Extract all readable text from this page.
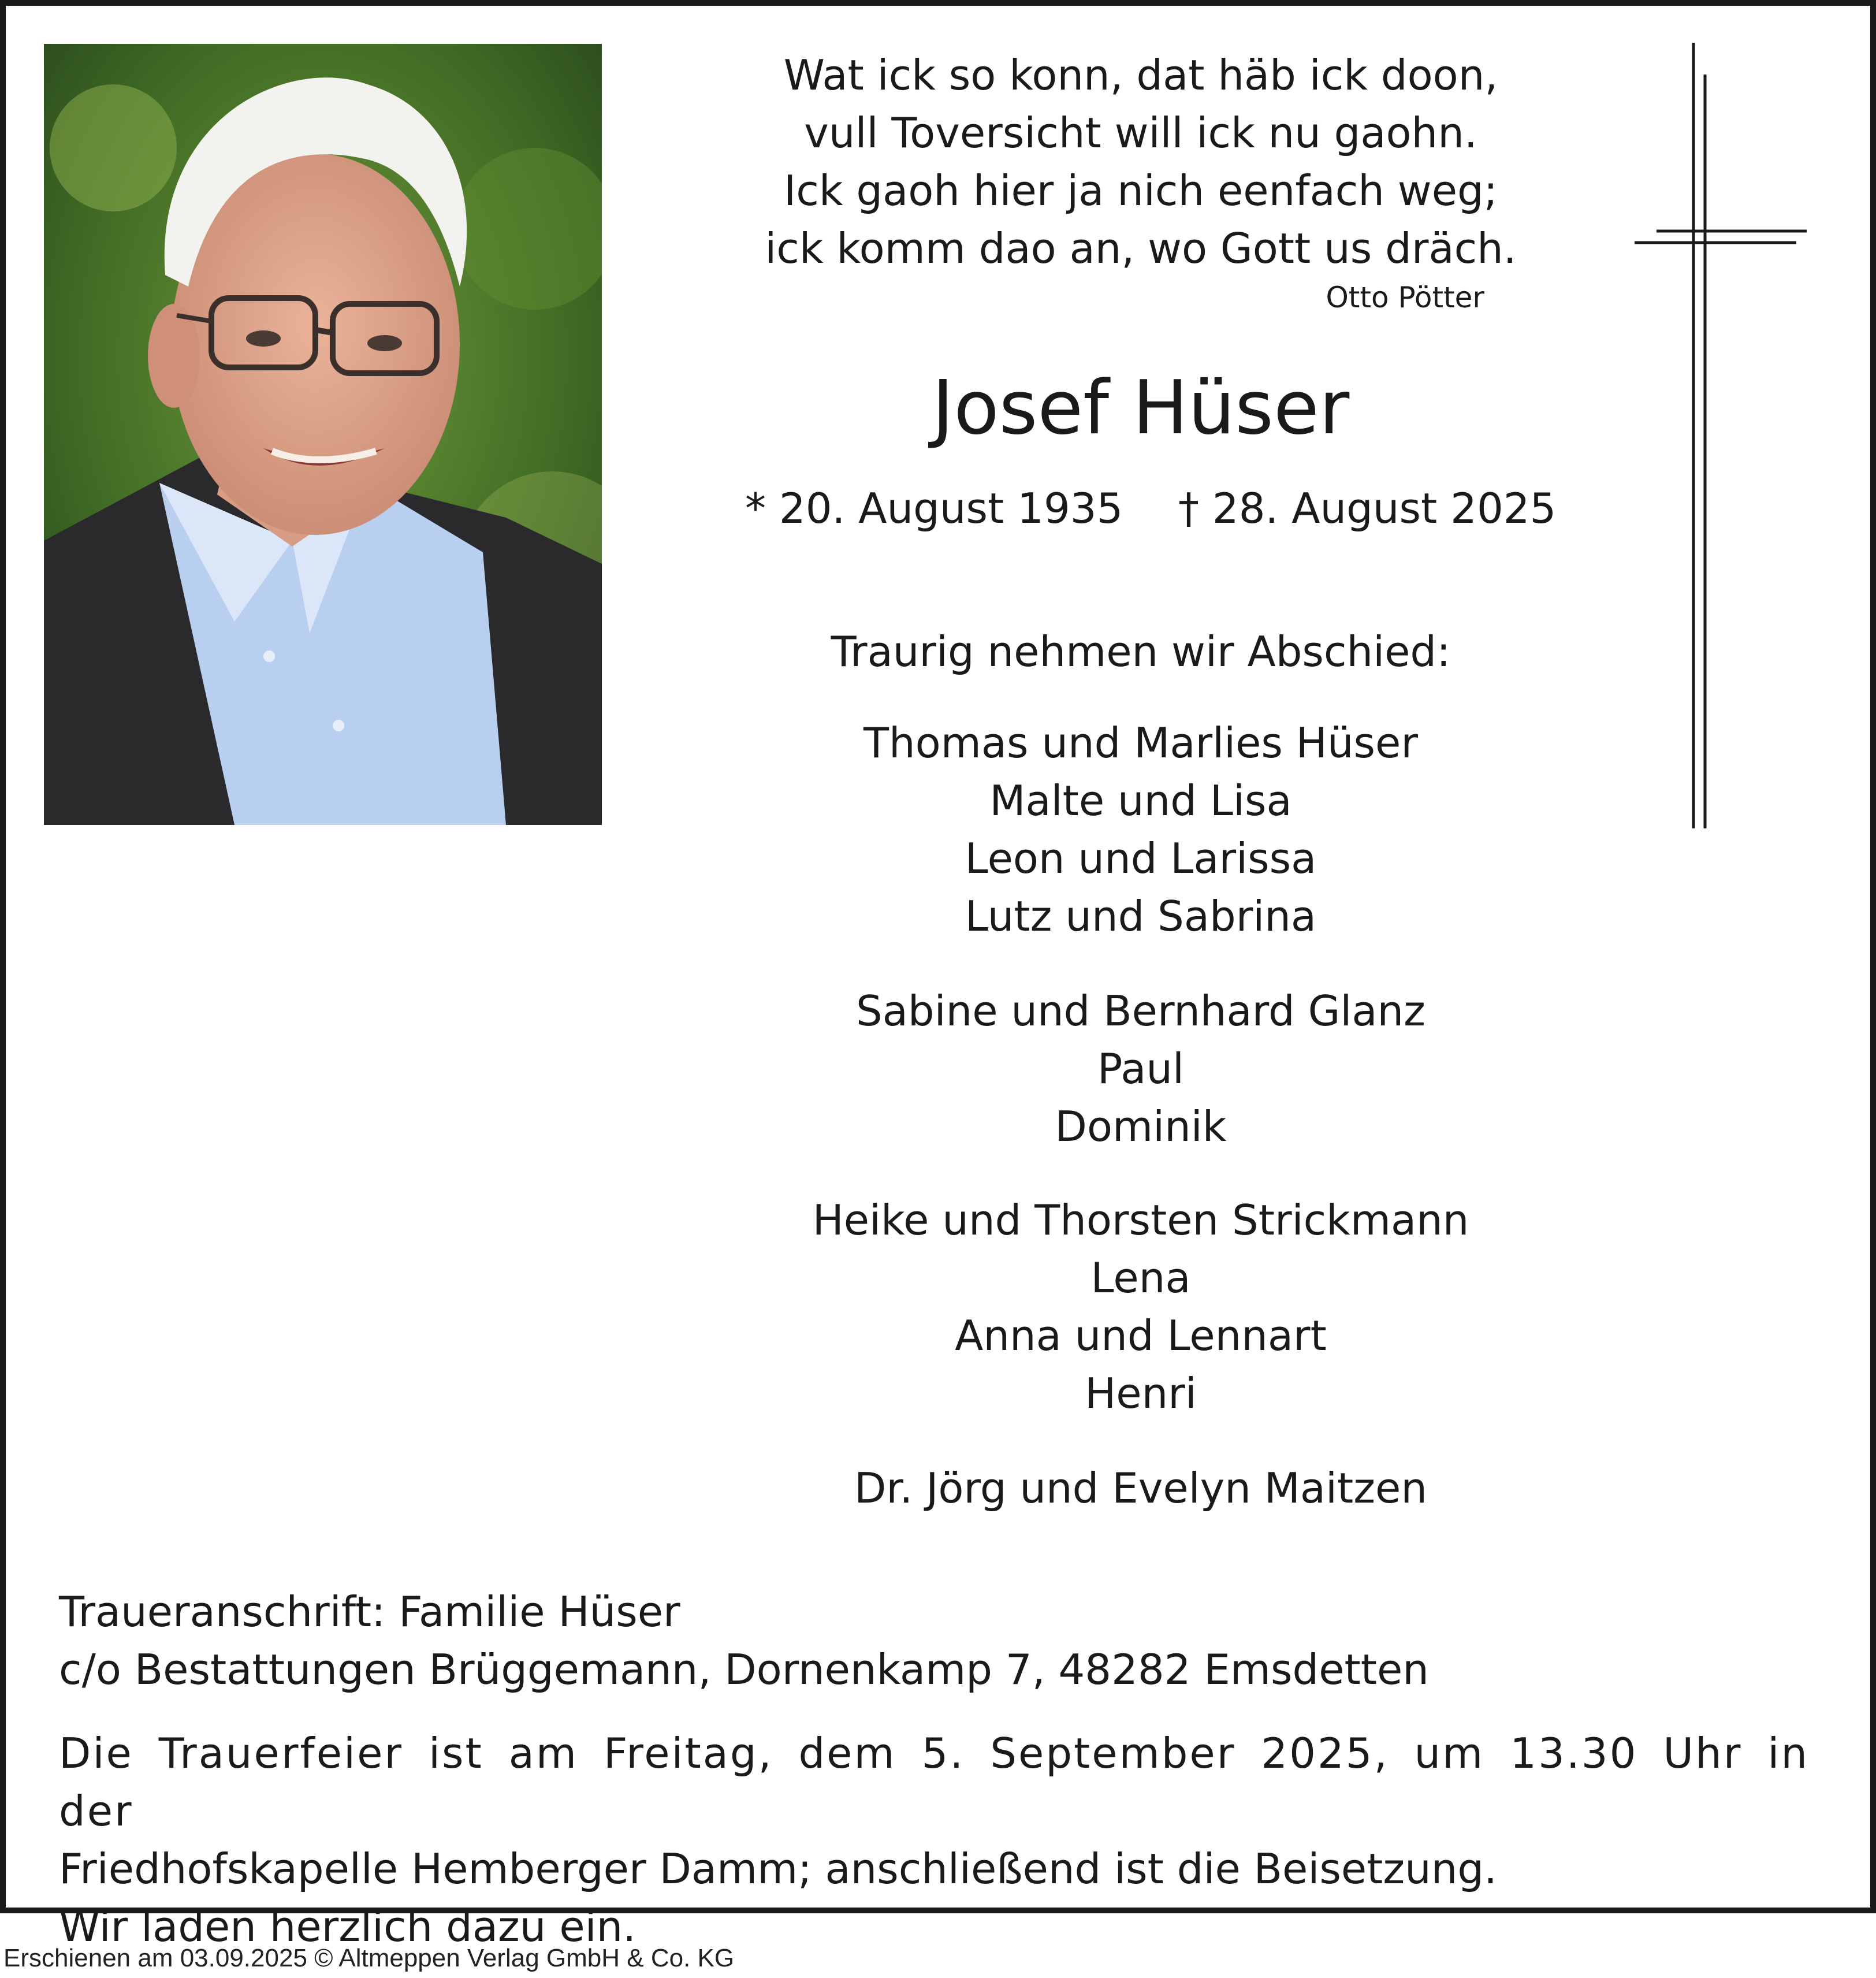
Wat ick so konn, dat häb ick doon,
vull Toversicht will ick nu gaohn.
Ick gaoh hier ja nich eenfach weg;
ick komm dao an, wo Gott us dräch.
Otto Pötter
Josef Hüser
* 20. August 1935 † 28. August 2025
Traurig nehmen wir Abschied:
Thomas und Marlies Hüser
Malte und Lisa
Leon und Larissa
Lutz und Sabrina
Sabine und Bernhard Glanz
Paul
Dominik
Heike und Thorsten Strickmann
Lena
Anna und Lennart
Henri
Dr. Jörg und Evelyn Maitzen
Traueranschrift: Familie Hüser
c/o Bestattungen Brüggemann, Dornenkamp 7, 48282 Emsdetten
Die Trauerfeier ist am Freitag, dem 5. September 2025, um 13.30 Uhr in der
Friedhofskapelle Hemberger Damm; anschließend ist die Beisetzung.
Wir laden herzlich dazu ein.
Erschienen am 03.09.2025 © Altmeppen Verlag GmbH & Co. KG
